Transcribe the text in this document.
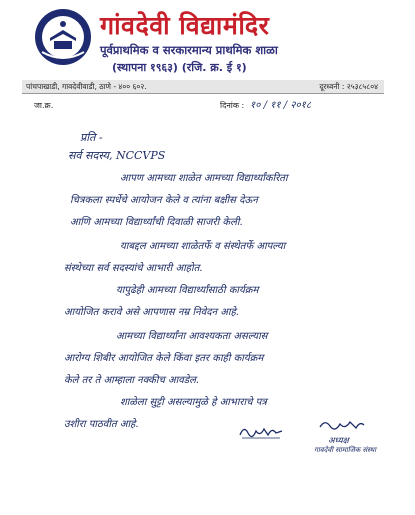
गांवदेवी विद्यामंदिर
पूर्वप्राथमिक व सरकारमान्य प्राथमिक शाळा
(स्थापना १९६३) (रजि. क्र. ई १)
पांचपाखाडी, गावदेवीवाडी, ठाणे - ४०० ६०२.	दूरध्वनी : २५३८५८०४
जा.क्र.	दिनांक : १० / ११ / २०१८
प्रति -
सर्व सदस्य, NCCVPS
आपण आमच्या शाळेत आमच्या विद्यार्थ्यांकरिता
चित्रकला स्पर्धेचे आयोजन केले व त्यांना बक्षीस देऊन
आणि आमच्या विद्यार्थ्यांची दिवाळी साजरी केली.
याबद्दल आमच्या शाळेतर्फे व संस्थेतर्फे आपल्या
संस्थेच्या सर्व सदस्यांचे आभारी आहोत.
यापुढेही आमच्या विद्यार्थ्यांसाठी कार्यक्रम
आयोजित करावे असे आपणास नम्र निवेदन आहे.
आमच्या विद्यार्थ्यांना आवश्यकता असल्यास
आरोग्य शिबीर आयोजित केले किंवा इतर काही कार्यक्रम
केले तर ते आम्हाला नक्कीच आवडेल.
शाळेला सुट्टी असल्यामुळे हे आभाराचे पत्र
उशीरा पाठवीत आहे.
अध्यक्ष
गावदेवी सामाजिक संस्था
